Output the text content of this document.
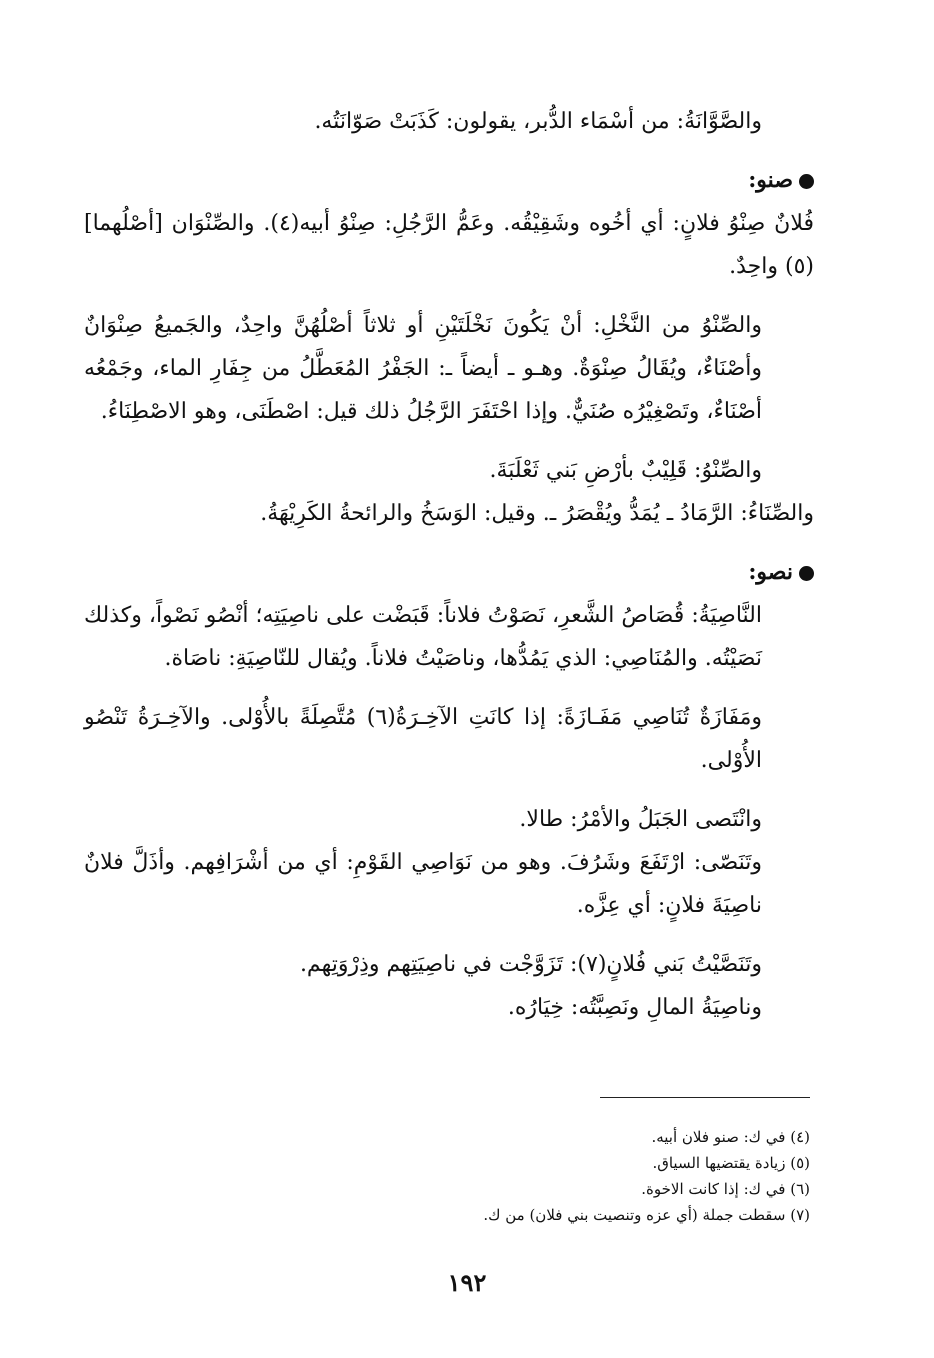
والصَّوَّانَةُ: من أسْمَاء الدُّبر، يقولون: كَذَبَتْ صَوّانَتُه.

صنو:

فُلانٌ صِنْوُ فلانٍ: أي أخُوه وشَقِيْقُه. وعَمُّ الرَّجُلِ: صِنْوُ أبيه(٤). والصِّنْوَان [أصْلُهما](٥) واحِدٌ.

والصِّنْوُ من النَّخْلِ: أنْ يَكُونَ نَخْلَتَيْنِ أو ثلاثاً أصْلُهُنَّ واحِدٌ، والجَميعُ صِنْوَانٌ وأصْنَاءٌ، ويُقَالُ صِنْوَةٌ. وهـو ـ أيضاً ـ: الجَفْرُ المُعَطَّلُ من جِفَارِ الماء، وجَمْعُه أصْنَاءٌ، وتَصْغِيْرُه صُنَيٌّ. وإذا احْتَفَرَ الرَّجُلُ ذلك قيل: اصْطَنَى، وهو الاصْطِنَاءُ.

والصِّنْوُ: قَلِيْبٌ بأرْضِ بَني ثَعْلَبَةَ.

والصِّنَاءُ: الرَّمَادُ ـ يُمَدُّ ويُقْصَرُ ـ. وقيل: الوَسَخُ والرائحةُ الكَرِيْهَةُ.

نصو:

النَّاصِيَةُ: قُصَاصُ الشَّعرِ، نَصَوْتُ فلاناً: قَبَضْت على ناصِيَتِه؛ أنْصُو نَصْواً، وكذلك نَصَيْتُه. والمُنَاصِي: الذي يَمُدُّها، وناصَيْتُ فلاناً. ويُقال للنّاصِيَةِ: ناصَاة.

ومَفَازَةٌ تُنَاصِي مَفَـازَةً: إذا كانَتِ الآخِـرَةُ(٦) مُتَّصِلَةً بالأُوْلى. والآخِـرَةُ تَنْصُو الأُوْلى.

وانْتَصى الجَبَلُ والأمْرُ: طالا.

وتَنَصّى: ارْتَفَعَ وشَرُفَ. وهو من نَوَاصِي القَوْمِ: أي من أشْرَافِهم. وأذَلَّ فلانٌ ناصِيَةَ فلانٍ: أي عِزَّه.

وتَنَصَّيْتُ بَني فُلانٍ(٧): تَزَوَّجْت في ناصِيَتِهم وذِرْوَتِهم.

وناصِيَةُ المالِ ونَصِبَّتُه: خِيَارُه.

(٤) في ك: صنو فلان أبيه.
(٥) زيادة يقتضيها السياق.
(٦) في ك: إذا كانت الاخوة.
(٧) سقطت جملة (أي عزه وتنصيت بني فلان) من ك.
١٩٢
